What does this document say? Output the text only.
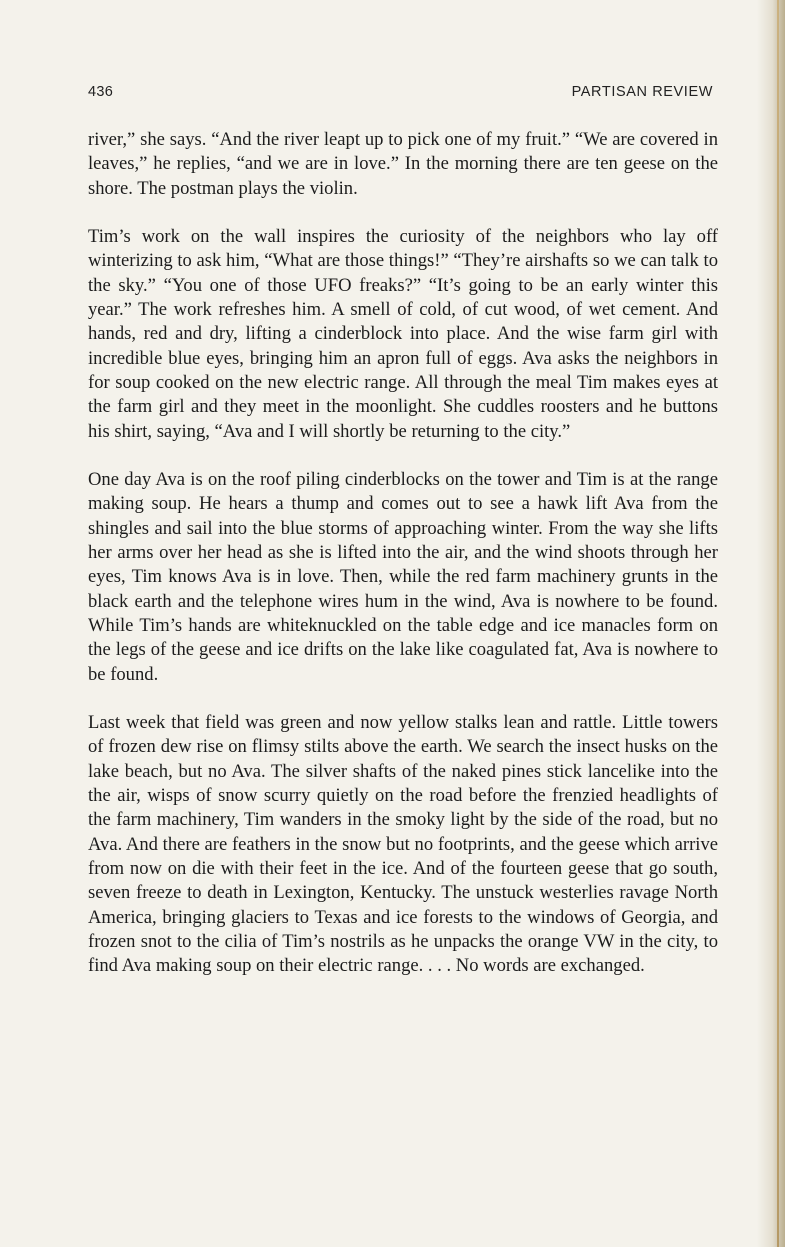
436	PARTISAN REVIEW

river,” she says. “And the river leapt up to pick one of my fruit.” “We are covered in leaves,” he replies, “and we are in love.” In the morning there are ten geese on the shore. The postman plays the violin.

Tim’s work on the wall inspires the curiosity of the neighbors who lay off winterizing to ask him, “What are those things!” “They’re airshafts so we can talk to the sky.” “You one of those UFO freaks?” “It’s going to be an early winter this year.” The work refreshes him. A smell of cold, of cut wood, of wet cement. And hands, red and dry, lifting a cinderblock into place. And the wise farm girl with incredible blue eyes, bringing him an apron full of eggs. Ava asks the neighbors in for soup cooked on the new electric range. All through the meal Tim makes eyes at the farm girl and they meet in the moonlight. She cuddles roosters and he buttons his shirt, saying, “Ava and I will shortly be returning to the city.”

One day Ava is on the roof piling cinderblocks on the tower and Tim is at the range making soup. He hears a thump and comes out to see a hawk lift Ava from the shingles and sail into the blue storms of approaching winter. From the way she lifts her arms over her head as she is lifted into the air, and the wind shoots through her eyes, Tim knows Ava is in love. Then, while the red farm machinery grunts in the black earth and the telephone wires hum in the wind, Ava is nowhere to be found. While Tim’s hands are whiteknuckled on the table edge and ice manacles form on the legs of the geese and ice drifts on the lake like coagulated fat, Ava is nowhere to be found.

Last week that field was green and now yellow stalks lean and rattle. Little towers of frozen dew rise on flimsy stilts above the earth. We search the insect husks on the lake beach, but no Ava. The silver shafts of the naked pines stick lancelike into the the air, wisps of snow scurry quietly on the road before the frenzied headlights of the farm machinery, Tim wanders in the smoky light by the side of the road, but no Ava. And there are feathers in the snow but no footprints, and the geese which arrive from now on die with their feet in the ice. And of the fourteen geese that go south, seven freeze to death in Lexington, Kentucky. The unstuck westerlies ravage North America, bringing glaciers to Texas and ice forests to the windows of Georgia, and frozen snot to the cilia of Tim’s nostrils as he unpacks the orange VW in the city, to find Ava making soup on their electric range. . . . No words are exchanged.
